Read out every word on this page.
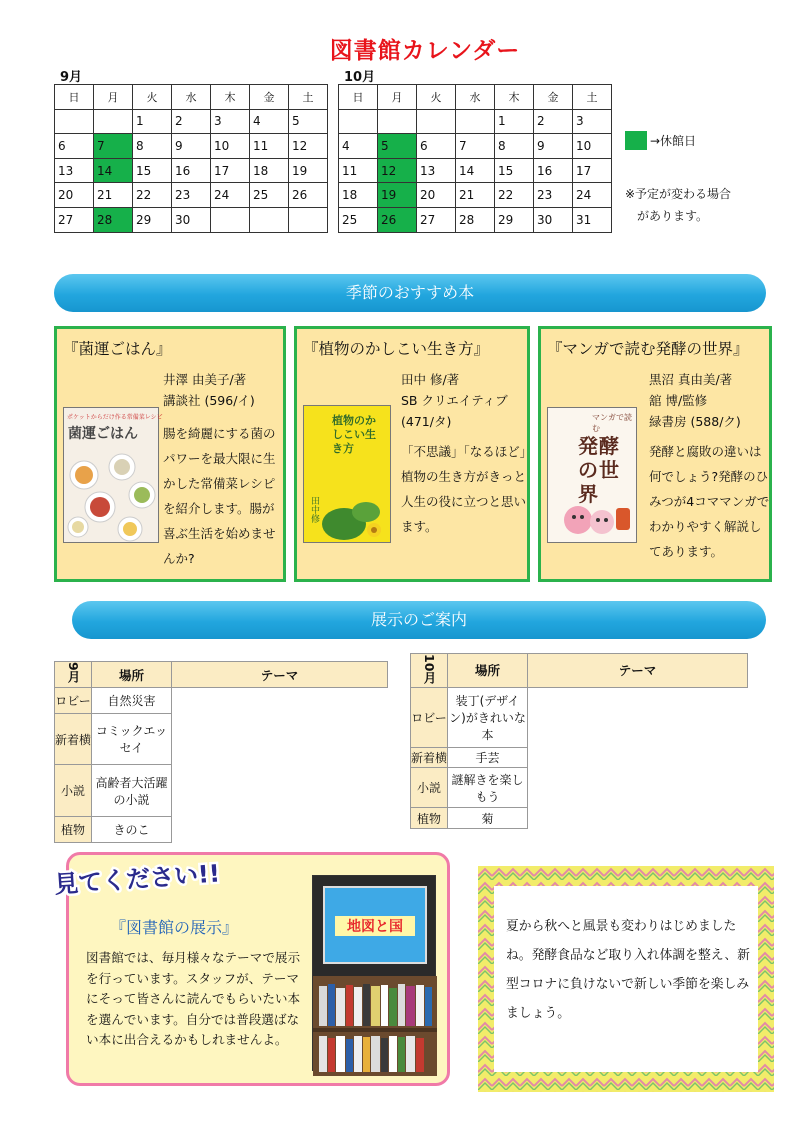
図書館カレンダー
9月
日	月	火	水	木	金	土
		1	2	3	4	5
6	7	8	9	10	11	12
13	14	15	16	17	18	19
20	21	22	23	24	25	26
27	28	29	30			
10月
日	月	火	水	木	金	土
				1	2	3
4	5	6	7	8	9	10
11	12	13	14	15	16	17
18	19	20	21	22	23	24
25	26	27	28	29	30	31
→休館日
※予定が変わる場合
があります。
季節のおすすめ本
『菌運ごはん』
井澤 由美子/著
講談社 (596/イ)
ポケットからだけ作る常備菜レシピ
菌運ごはん	腸を綺麗にする菌のパワーを最大限に生かした常備菜レシピを紹介します。腸が喜ぶ生活を始めませんか?
『植物のかしこい生き方』
田中 修/著
SB クリエイティブ
(471/タ)
植物のかしこい生き方
田中修
「不思議」「なるほど」植物の生き方がきっと人生の役に立つと思います。
『マンガで読む発酵の世界』
黒沼 真由美/著
舘 博/監修
緑書房 (588/ク)
マンガで読む
発酵の世界
発酵と腐敗の違いは何でしょう?発酵のひみつが4コママンガでわかりやすく解説してあります。
展示のご案内
9月	場所	テーマ
ロビー	自然災害	
新着横	コミックエッセイ	
小説	高齢者大活躍の小説	
植物	きのこ	
10月	場所	テーマ
ロビー	装丁(デザイン)がきれいな本	
新着横	手芸	
小説	謎解きを楽しもう	
植物	菊	
見てください!!
『図書館の展示』
図書館では、毎月様々なテーマで展示を行っています。スタッフが、テーマにそって皆さんに読んでもらいたい本を選んでいます。自分では普段選ばない本に出合えるかもしれませんよ。
地図と国	夏から秋へと風景も変わりはじめましたね。発酵食品など取り入れ体調を整え、新型コロナに負けないで新しい季節を楽しみましょう。
